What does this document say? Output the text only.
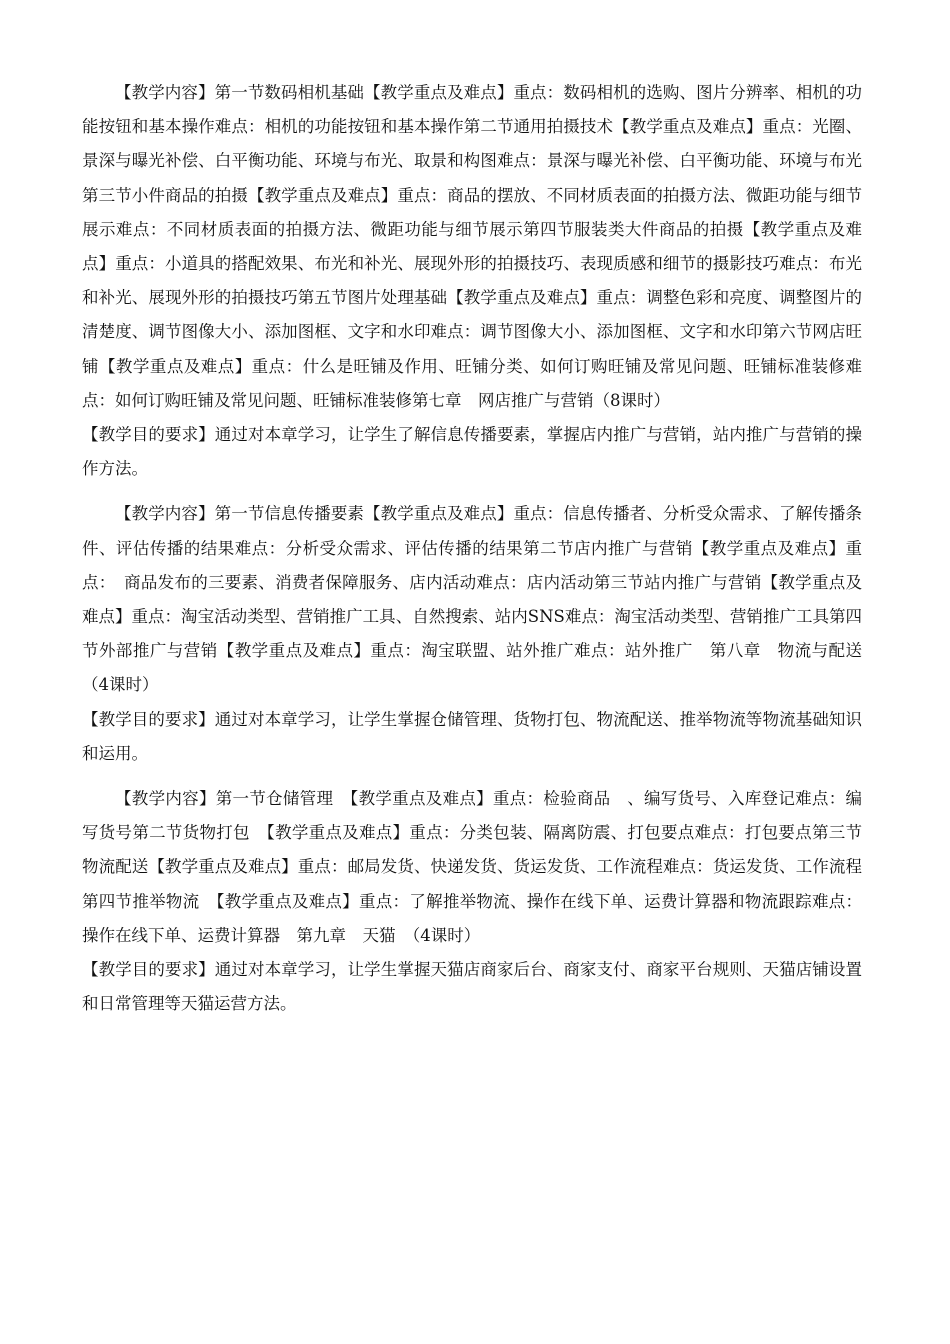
【教学内容】第一节数码相机基础【教学重点及难点】重点：数码相机的选购、图片分辨率、相机的功能按钮和基本操作难点：相机的功能按钮和基本操作第二节通用拍摄技术【教学重点及难点】重点：光圈、景深与曝光补偿、白平衡功能、环境与布光、取景和构图难点：景深与曝光补偿、白平衡功能、环境与布光第三节小件商品的拍摄【教学重点及难点】重点：商品的摆放、不同材质表面的拍摄方法、微距功能与细节展示难点：不同材质表面的拍摄方法、微距功能与细节展示第四节服装类大件商品的拍摄【教学重点及难点】重点：小道具的搭配效果、布光和补光、展现外形的拍摄技巧、表现质感和细节的摄影技巧难点：布光和补光、展现外形的拍摄技巧第五节图片处理基础【教学重点及难点】重点：调整色彩和亮度、调整图片的清楚度、调节图像大小、添加图框、文字和水印难点：调节图像大小、添加图框、文字和水印第六节网店旺铺【教学重点及难点】重点：什么是旺铺及作用、旺铺分类、如何订购旺铺及常见问题、旺铺标准装修难点：如何订购旺铺及常见问题、旺铺标准装修第七章　网店推广与营销（8课时）

【教学目的要求】通过对本章学习，让学生了解信息传播要素，掌握店内推广与营销，站内推广与营销的操作方法。

【教学内容】第一节信息传播要素【教学重点及难点】重点：信息传播者、分析受众需求、了解传播条件、评估传播的结果难点：分析受众需求、评估传播的结果第二节店内推广与营销【教学重点及难点】重点：　商品发布的三要素、消费者保障服务、店内活动难点：店内活动第三节站内推广与营销【教学重点及难点】重点：淘宝活动类型、营销推广工具、自然搜索、站内SNS难点：淘宝活动类型、营销推广工具第四节外部推广与营销【教学重点及难点】重点：淘宝联盟、站外推广难点：站外推广　第八章　物流与配送（4课时）

【教学目的要求】通过对本章学习，让学生掌握仓储管理、货物打包、物流配送、推举物流等物流基础知识和运用。

【教学内容】第一节仓储管理　【教学重点及难点】重点：检验商品　、编写货号、入库登记难点：编写货号第二节货物打包　【教学重点及难点】重点：分类包装、隔离防震、打包要点难点：打包要点第三节物流配送【教学重点及难点】重点：邮局发货、快递发货、货运发货、工作流程难点：货运发货、工作流程第四节推举物流　【教学重点及难点】重点：了解推举物流、操作在线下单、运费计算器和物流跟踪难点：操作在线下单、运费计算器　第九章　天猫　（4课时）

【教学目的要求】通过对本章学习，让学生掌握天猫店商家后台、商家支付、商家平台规则、天猫店铺设置和日常管理等天猫运营方法。
